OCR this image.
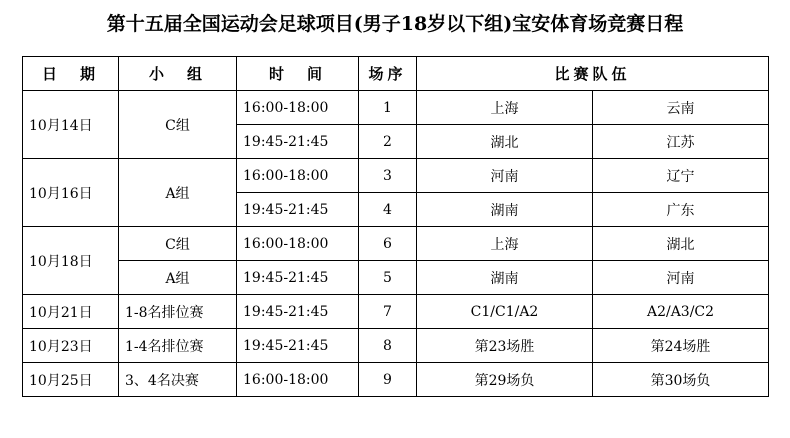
第十五届全国运动会足球项目(男子18岁以下组)宝安体育场竞赛日程
日　期	小　组	时　间	场序	比赛队伍	
10月14日	C组	16:00-18:00	1	上海	云南
		19:45-21:45	2	湖北	江苏
10月16日	A组	16:00-18:00	3	河南	辽宁
		19:45-21:45	4	湖南	广东
10月18日	C组	16:00-18:00	6	上海	湖北
	A组	19:45-21:45	5	湖南	河南
10月21日	1-8名排位赛	19:45-21:45	7	C1/C1/A2	A2/A3/C2
10月23日	1-4名排位赛	19:45-21:45	8	第23场胜	第24场胜
10月25日	3、4名决赛	16:00-18:00	9	第29场负	第30场负
